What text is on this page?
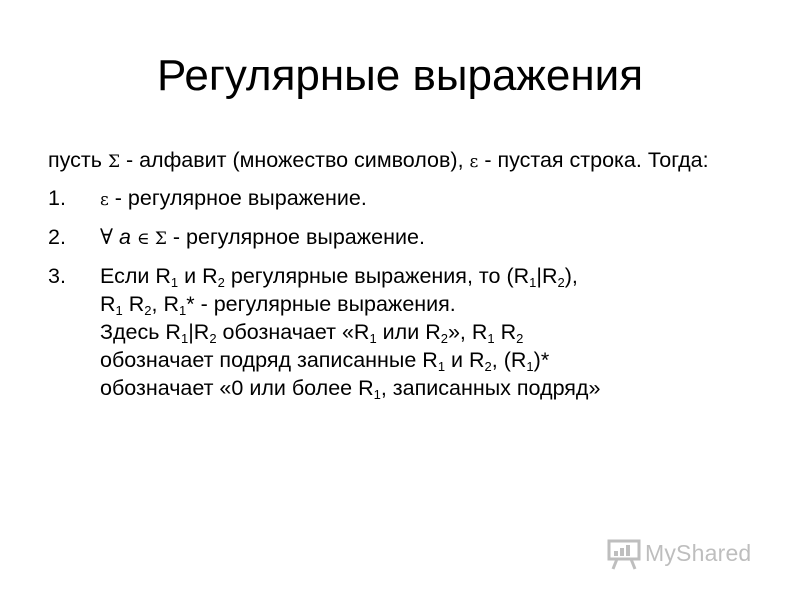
Регулярные выражения

пусть Σ - алфавит (множество символов), ε - пустая строка. Тогда:

1. ε - регулярное выражение.
2. ∀ a ∈ Σ - регулярное выражение.
3. Если $R_1$ и $R_2$ регулярные выражения, то $(R_1|R_2)$,
$R_1$ $R_2$, $R_1*$ - регулярные выражения.
Здесь $R_1|R_2$ обозначает «$R_1$ или $R_2$», $R_1$ $R_2$
обозначает подряд записанные $R_1$ и $R_2$, $(R_1)*$
обозначает «0 или более $R_1$, записанных подряд»
MyShared
